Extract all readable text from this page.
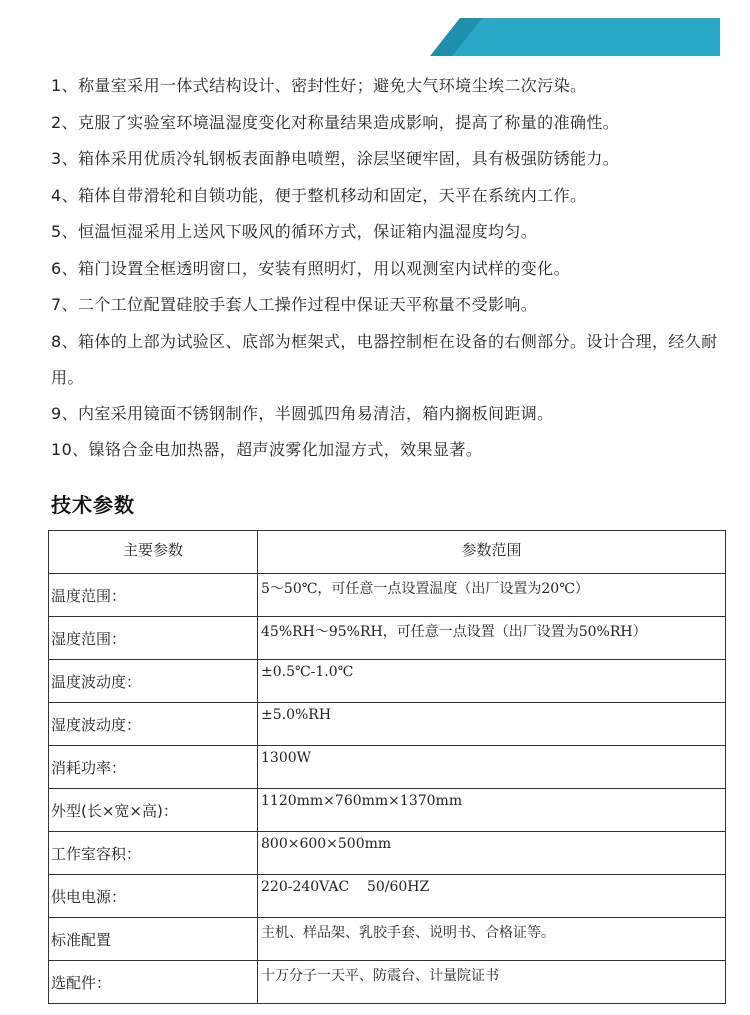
1、称量室采用一体式结构设计、密封性好；避免大气环境尘埃二次污染。
2、克服了实验室环境温湿度变化对称量结果造成影响，提高了称量的准确性。
3、箱体采用优质冷轧钢板表面静电喷塑，涂层坚硬牢固，具有极强防锈能力。
4、箱体自带滑轮和自锁功能，便于整机移动和固定，天平在系统内工作。
5、恒温恒湿采用上送风下吸风的循环方式，保证箱内温湿度均匀。
6、箱门设置全框透明窗口，安装有照明灯，用以观测室内试样的变化。
7、二个工位配置硅胶手套人工操作过程中保证天平称量不受影响。
8、箱体的上部为试验区、底部为框架式，电器控制柜在设备的右侧部分。设计合理，经久耐用。
9、内室采用镜面不锈钢制作，半圆弧四角易清洁，箱内搁板间距调。
10、镍铬合金电加热器，超声波雾化加湿方式，效果显著。
技术参数
主要参数	参数范围
温度范围：	5～50℃，可任意一点设置温度（出厂设置为20℃）
湿度范围：	45%RH～95%RH，可任意一点设置（出厂设置为50%RH）
温度波动度：	±0.5℃-1.0℃
湿度波动度：	±5.0%RH
消耗功率：	1300W
外型(长×宽×高)：	1120mm×760mm×1370mm
工作室容积：	800×600×500mm
供电电源：	220-240VAC    50/60HZ
标准配置	主机、样品架、乳胶手套、说明书、合格证等。
选配件：	十万分子一天平、防震台、计量院证书
